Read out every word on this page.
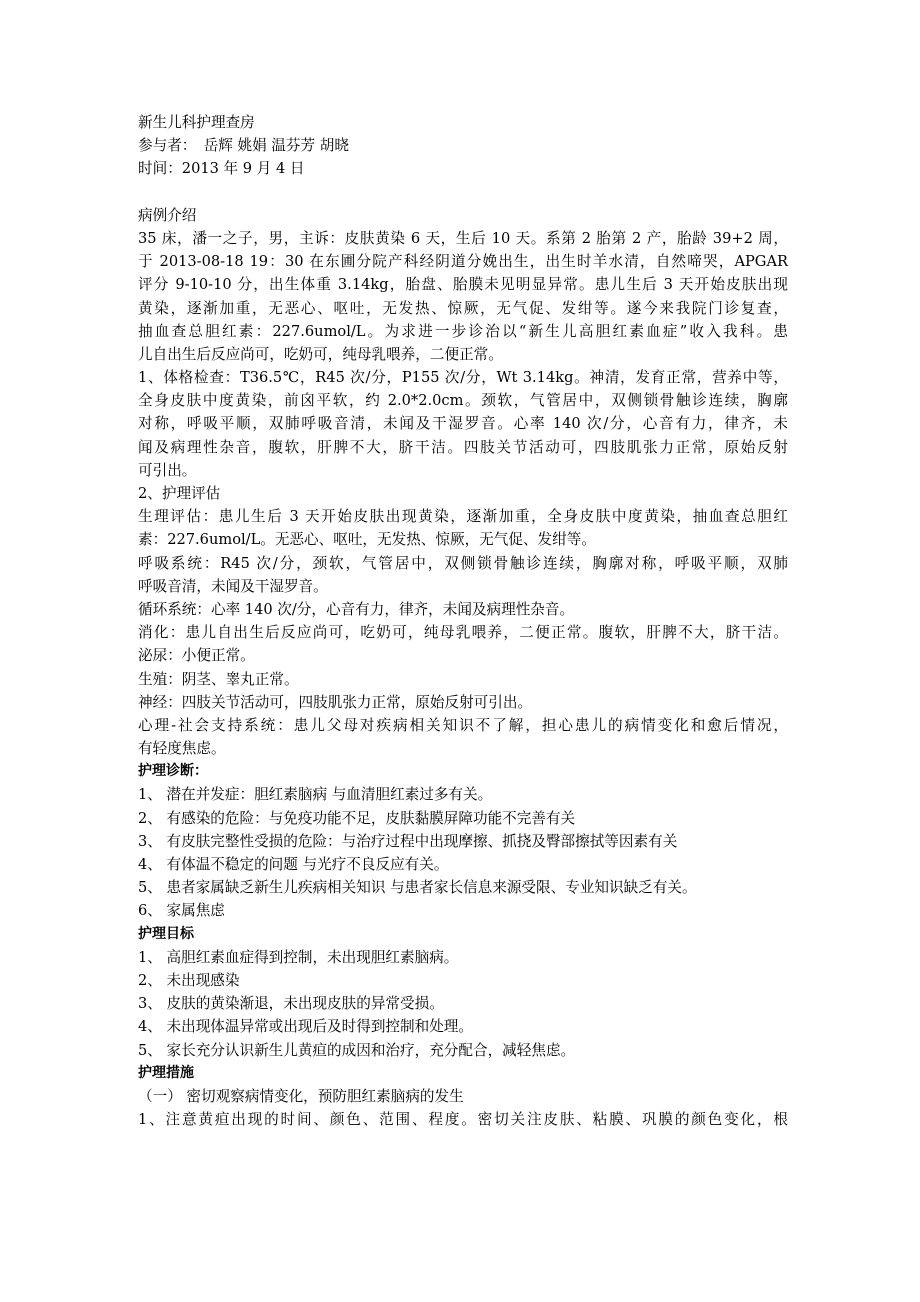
新生儿科护理查房
参与者：　岳辉 姚娟 温芬芳 胡晓
时间：2013 年 9 月 4 日
病例介绍
35 床，潘一之子，男，主诉：皮肤黄染 6 天，生后 10 天。系第 2 胎第 2 产，胎龄 39+2 周，
于 2013-08-18 19：30 在东圃分院产科经阴道分娩出生，出生时羊水清，自然啼哭，APGAR
评分 9-10-10 分，出生体重 3.14kg，胎盘、胎膜未见明显异常。患儿生后 3 天开始皮肤出现
黄染，逐渐加重，无恶心、呕吐，无发热、惊厥，无气促、发绀等。遂今来我院门诊复查，
抽血查总胆红素：227.6umol/L。为求进一步诊治以“新生儿高胆红素血症”收入我科。患
儿自出生后反应尚可，吃奶可，纯母乳喂养，二便正常。
1、体格检查：T36.5℃，R45 次/分，P155 次/分，Wt 3.14kg。神清，发育正常，营养中等，
全身皮肤中度黄染，前囟平软，约 2.0*2.0cm。颈软，气管居中，双侧锁骨触诊连续，胸廓
对称，呼吸平顺，双肺呼吸音清，未闻及干湿罗音。心率 140 次/分，心音有力，律齐，未
闻及病理性杂音，腹软，肝脾不大，脐干洁。四肢关节活动可，四肢肌张力正常，原始反射
可引出。
2、护理评估
生理评估：患儿生后 3 天开始皮肤出现黄染，逐渐加重，全身皮肤中度黄染，抽血查总胆红
素：227.6umol/L。无恶心、呕吐，无发热、惊厥，无气促、发绀等。
呼吸系统：R45 次/分，颈软，气管居中，双侧锁骨触诊连续，胸廓对称，呼吸平顺，双肺
呼吸音清，未闻及干湿罗音。
循环系统：心率 140 次/分，心音有力，律齐，未闻及病理性杂音。
消化：患儿自出生后反应尚可，吃奶可，纯母乳喂养，二便正常。腹软，肝脾不大，脐干洁。
泌尿：小便正常。
生殖：阴茎、睾丸正常。
神经：四肢关节活动可，四肢肌张力正常，原始反射可引出。
心理-社会支持系统：患儿父母对疾病相关知识不了解，担心患儿的病情变化和愈后情况，
有轻度焦虑。
护理诊断：
1、 潜在并发症：胆红素脑病 与血清胆红素过多有关。
2、 有感染的危险：与免疫功能不足，皮肤黏膜屏障功能不完善有关
3、 有皮肤完整性受损的危险：与治疗过程中出现摩擦、抓挠及臀部擦拭等因素有关
4、 有体温不稳定的问题 与光疗不良反应有关。
5、 患者家属缺乏新生儿疾病相关知识 与患者家长信息来源受限、专业知识缺乏有关。
6、 家属焦虑
护理目标
1、 高胆红素血症得到控制，未出现胆红素脑病。
2、 未出现感染
3、 皮肤的黄染渐退，未出现皮肤的异常受损。
4、 未出现体温异常或出现后及时得到控制和处理。
5、 家长充分认识新生儿黄疸的成因和治疗，充分配合，减轻焦虑。
护理措施
（一） 密切观察病情变化，预防胆红素脑病的发生
1、注意黄疸出现的时间、颜色、范围、程度。密切关注皮肤、粘膜、巩膜的颜色变化，根
